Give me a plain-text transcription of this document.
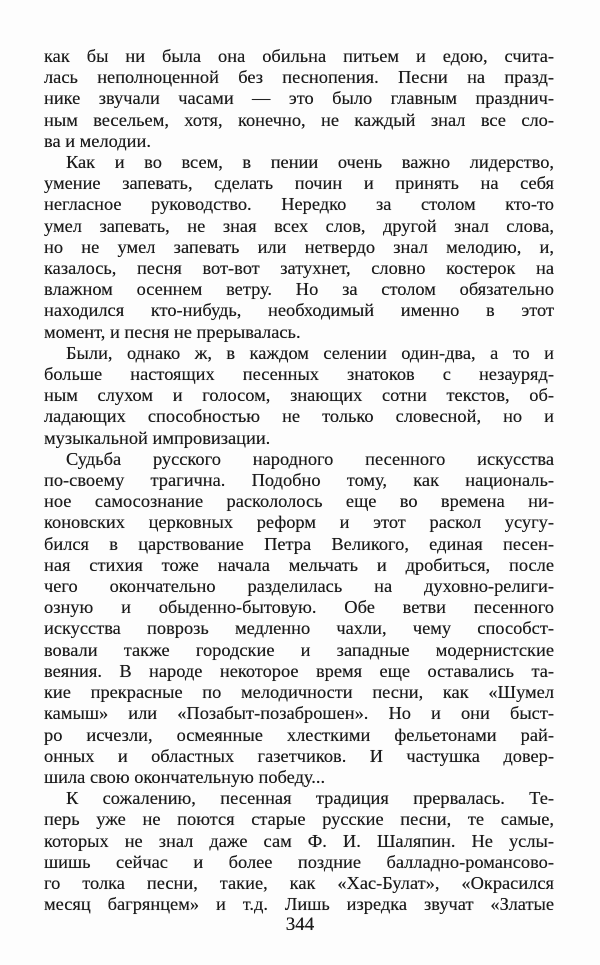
как бы ни была она обильна питьем и едою, счита-
лась неполноценной без песнопения. Песни на празд-
нике звучали часами — это было главным празднич-
ным весельем, хотя, конечно, не каждый знал все сло-
ва и мелодии.
Как и во всем, в пении очень важно лидерство,
умение запевать, сделать почин и принять на себя
негласное руководство. Нередко за столом кто-то
умел запевать, не зная всех слов, другой знал слова,
но не умел запевать или нетвердо знал мелодию, и,
казалось, песня вот-вот затухнет, словно костерок на
влажном осеннем ветру. Но за столом обязательно
находился кто-нибудь, необходимый именно в этот
момент, и песня не прерывалась.
Были, однако ж, в каждом селении один-два, а то и
больше настоящих песенных знатоков с незауряд-
ным слухом и голосом, знающих сотни текстов, об-
ладающих способностью не только словесной, но и
музыкальной импровизации.
Судьба русского народного песенного искусства
по-своему трагична. Подобно тому, как националь-
ное самосознание раскололось еще во времена ни-
коновских церковных реформ и этот раскол усугу-
бился в царствование Петра Великого, единая песен-
ная стихия тоже начала мельчать и дробиться, после
чего окончательно разделилась на духовно-религи-
озную и обыденно-бытовую. Обе ветви песенного
искусства поврозь медленно чахли, чему способст-
вовали также городские и западные модернистские
веяния. В народе некоторое время еще оставались та-
кие прекрасные по мелодичности песни, как «Шумел
камыш» или «Позабыт-позаброшен». Но и они быст-
ро исчезли, осмеянные хлесткими фельетонами рай-
онных и областных газетчиков. И частушка довер-
шила свою окончательную победу...
К сожалению, песенная традиция прервалась. Те-
перь уже не поются старые русские песни, те самые,
которых не знал даже сам Ф. И. Шаляпин. Не услы-
шишь сейчас и более поздние балладно-романсово-
го толка песни, такие, как «Хас-Булат», «Окрасился
месяц багрянцем» и т.д. Лишь изредка звучат «Златые
344
